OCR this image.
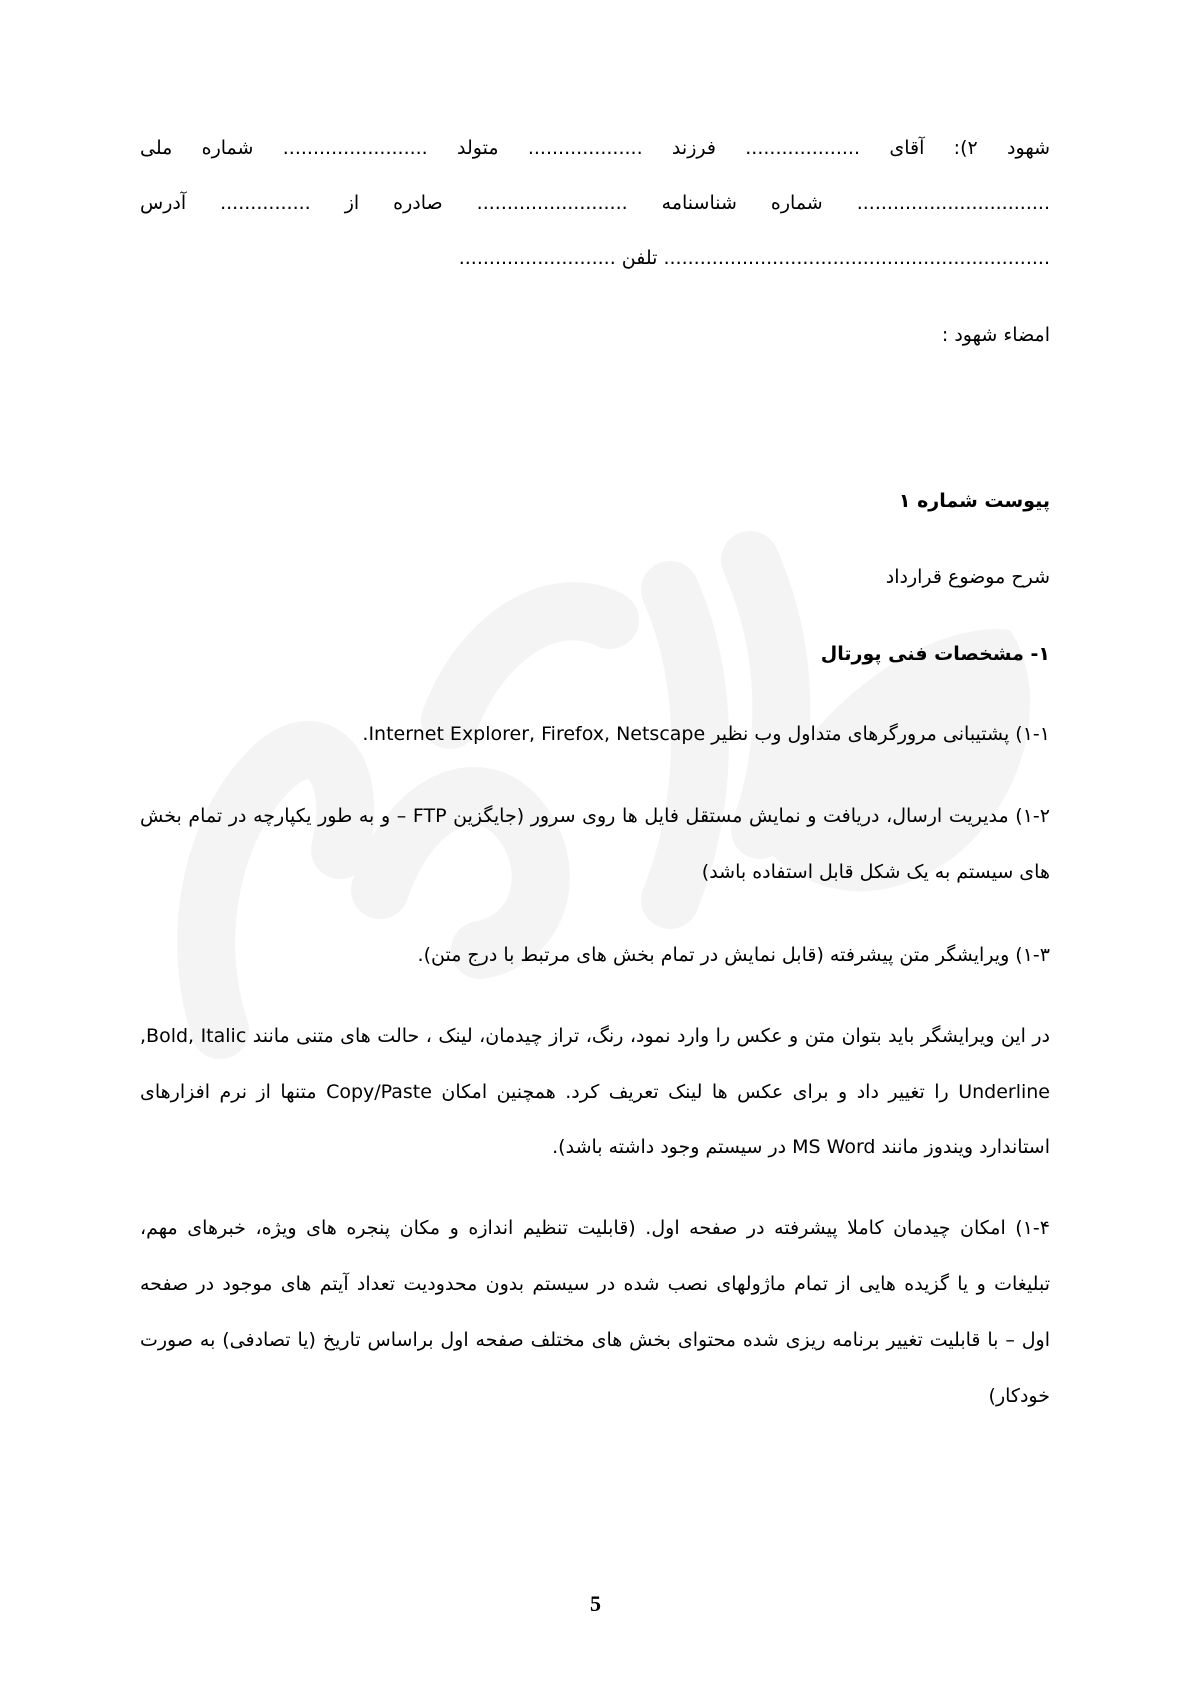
شهود ۲): آقای ................... فرزند ................... متولد ........................ شماره ملی
................................ شماره شناسنامه ......................... صادره از ............... آدرس
................................................................ تلفن ..........................
امضاء شهود :
پیوست شماره ۱
شرح موضوع قرارداد
۱- مشخصات فنی پورتال
۱-۱) پشتیبانی مرورگرهای متداول وب نظیر Internet Explorer, Firefox, Netscape.
۱-۲) مدیریت ارسال، دریافت و نمایش مستقل فایل ها روی سرور (جایگزین FTP – و به طور یکپارچه در تمام بخش
های سیستم به یک شکل قابل استفاده باشد)
۱-۳) ویرایشگر متن پیشرفته (قابل نمایش در تمام بخش های مرتبط با درج متن).
در این ویرایشگر باید بتوان متن و عکس را وارد نمود، رنگ، تراز چیدمان، لینک ، حالت های متنی مانند Bold, Italic,
Underline را تغییر داد و برای عکس ها لینک تعریف کرد. همچنین امکان Copy/Paste متنها از نرم افزارهای
استاندارد ویندوز مانند MS Word در سیستم وجود داشته باشد).
۱-۴) امکان چیدمان کاملا پیشرفته در صفحه اول. (قابلیت تنظیم اندازه و مکان پنجره های ویژه، خبرهای مهم،
تبلیغات و یا گزیده هایی از تمام ماژولهای نصب شده در سیستم بدون محدودیت تعداد آیتم های موجود در صفحه
اول – با قابلیت تغییر برنامه ریزی شده محتوای بخش های مختلف صفحه اول براساس تاریخ (یا تصادفی) به صورت
خودکار)
5
